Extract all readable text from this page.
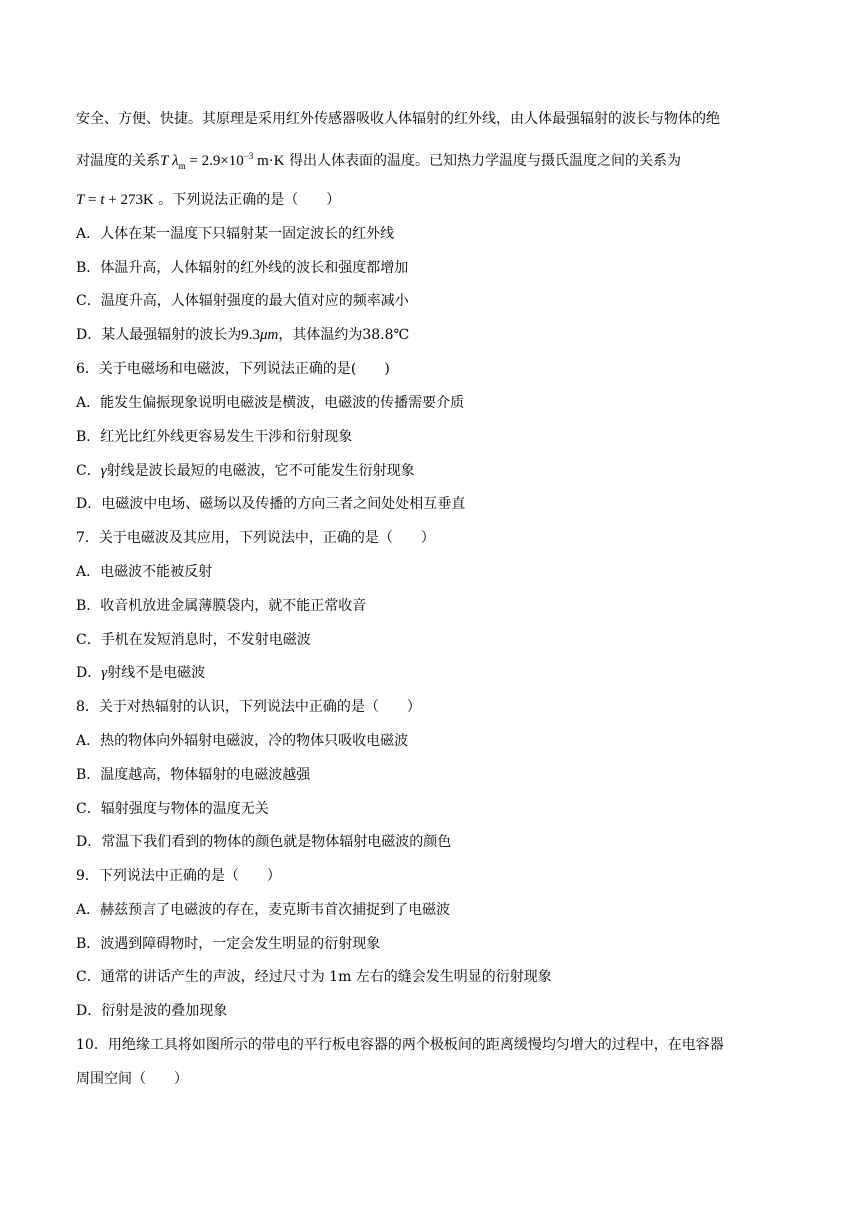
安全、方便、快捷。其原理是采用红外传感器吸收人体辐射的红外线，由人体最强辐射的波长与物体的绝
对温度的关系T $\lambda_m = 2.9\times 10^{-3}$ m·K 得出人体表面的温度。已知热力学温度与摄氏温度之间的关系为
T = t + 273K 。下列说法正确的是（　　）
A．人体在某一温度下只辐射某一固定波长的红外线
B．体温升高，人体辐射的红外线的波长和强度都增加
C．温度升高，人体辐射强度的最大值对应的频率减小
D．某人最强辐射的波长为9.3μm，其体温约为38.8℃
6．关于电磁场和电磁波，下列说法正确的是(　　)
A．能发生偏振现象说明电磁波是横波，电磁波的传播需要介质
B．红光比红外线更容易发生干涉和衍射现象
C．γ射线是波长最短的电磁波，它不可能发生衍射现象
D．电磁波中电场、磁场以及传播的方向三者之间处处相互垂直
7．关于电磁波及其应用，下列说法中，正确的是（　　）
A．电磁波不能被反射
B．收音机放进金属薄膜袋内，就不能正常收音
C．手机在发短消息时，不发射电磁波
D．γ射线不是电磁波
8．关于对热辐射的认识，下列说法中正确的是（　　）
A．热的物体向外辐射电磁波，冷的物体只吸收电磁波
B．温度越高，物体辐射的电磁波越强
C．辐射强度与物体的温度无关
D．常温下我们看到的物体的颜色就是物体辐射电磁波的颜色
9．下列说法中正确的是（　　）
A．赫兹预言了电磁波的存在，麦克斯韦首次捕捉到了电磁波
B．波遇到障碍物时，一定会发生明显的衍射现象
C．通常的讲话产生的声波，经过尺寸为 1m 左右的缝会发生明显的衍射现象
D．衍射是波的叠加现象
10．用绝缘工具将如图所示的带电的平行板电容器的两个极板间的距离缓慢均匀增大的过程中，在电容器
周围空间（　　）
